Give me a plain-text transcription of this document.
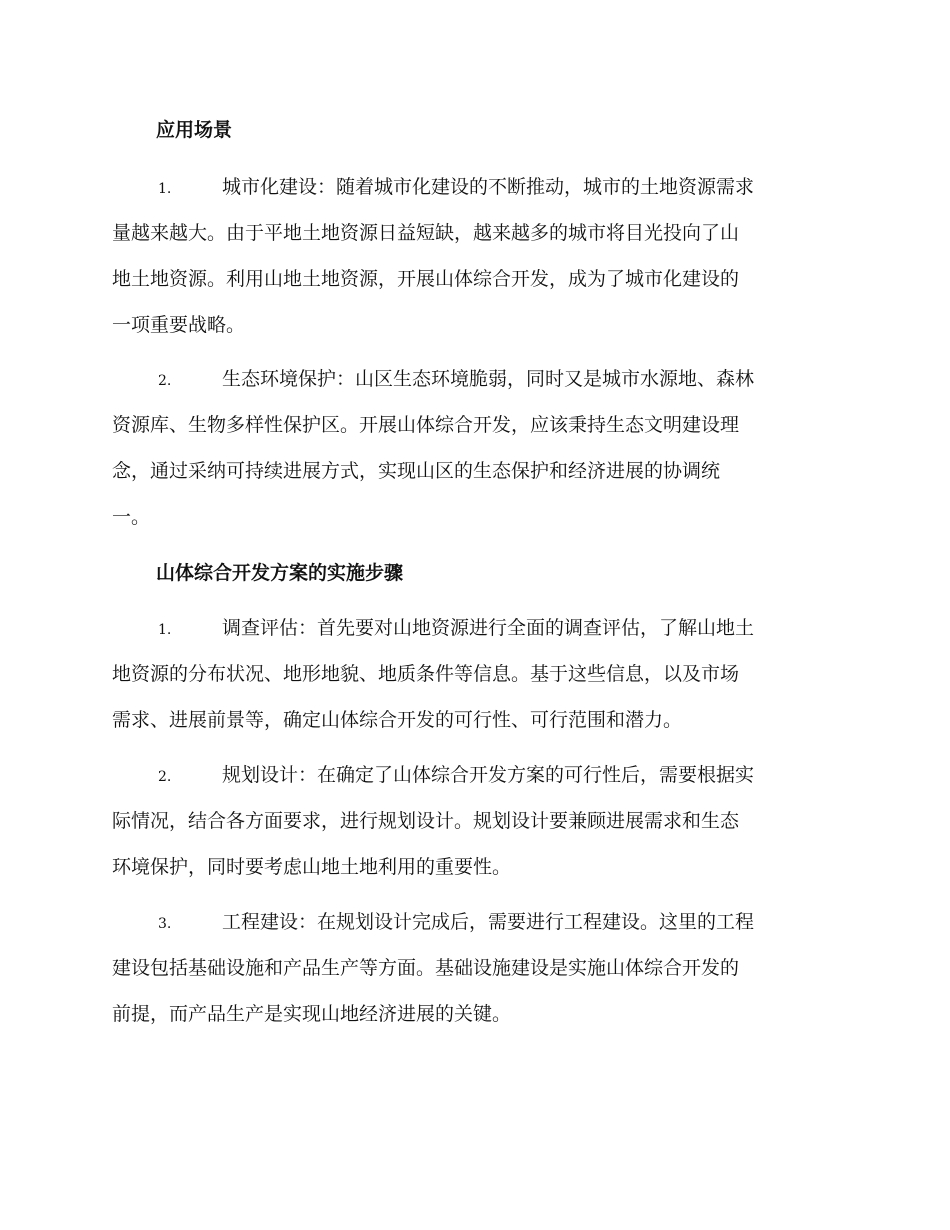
应用场景
1.	城市化建设：随着城市化建设的不断推动，城市的土地资源需求
量越来越大。由于平地土地资源日益短缺，越来越多的城市将目光投向了山
地土地资源。利用山地土地资源，开展山体综合开发，成为了城市化建设的
一项重要战略。
2.	生态环境保护：山区生态环境脆弱，同时又是城市水源地、森林
资源库、生物多样性保护区。开展山体综合开发，应该秉持生态文明建设理
念，通过采纳可持续进展方式，实现山区的生态保护和经济进展的协调统
一。
山体综合开发方案的实施步骤
1.	调查评估：首先要对山地资源进行全面的调查评估，了解山地土
地资源的分布状况、地形地貌、地质条件等信息。基于这些信息，以及市场
需求、进展前景等，确定山体综合开发的可行性、可行范围和潜力。
2.	规划设计：在确定了山体综合开发方案的可行性后，需要根据实
际情况，结合各方面要求，进行规划设计。规划设计要兼顾进展需求和生态
环境保护，同时要考虑山地土地利用的重要性。
3.	工程建设：在规划设计完成后，需要进行工程建设。这里的工程
建设包括基础设施和产品生产等方面。基础设施建设是实施山体综合开发的
前提，而产品生产是实现山地经济进展的关键。
